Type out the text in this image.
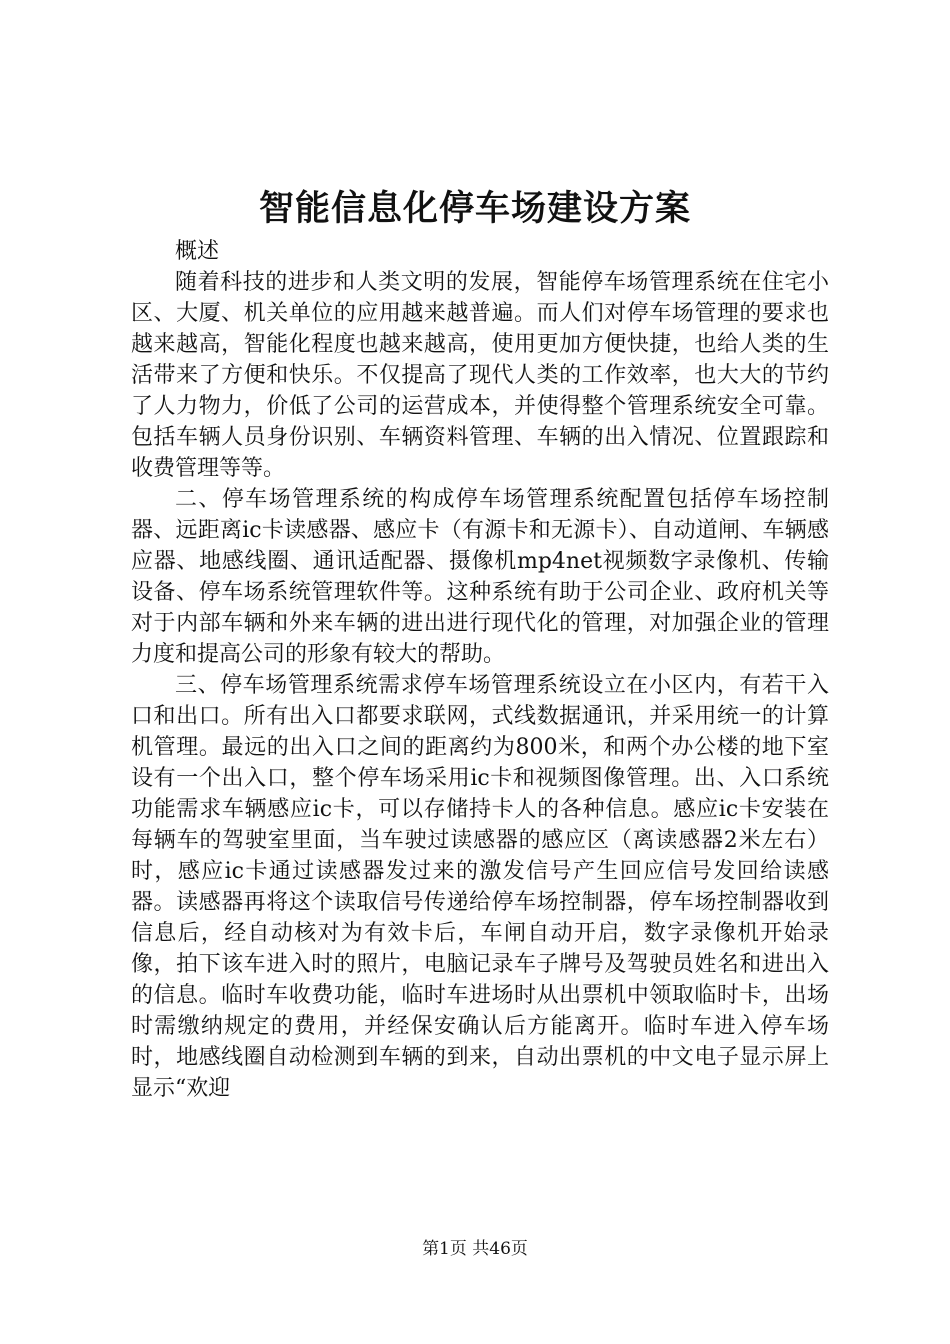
智能信息化停车场建设方案

概述

随着科技的进步和人类文明的发展，智能停车场管理系统在住宅小区、大厦、机关单位的应用越来越普遍。而人们对停车场管理的要求也越来越高，智能化程度也越来越高，使用更加方便快捷，也给人类的生活带来了方便和快乐。不仅提高了现代人类的工作效率，也大大的节约了人力物力，价低了公司的运营成本，并使得整个管理系统安全可靠。包括车辆人员身份识别、车辆资料管理、车辆的出入情况、位置跟踪和收费管理等等。

二、停车场管理系统的构成停车场管理系统配置包括停车场控制器、远距离ic卡读感器、感应卡（有源卡和无源卡）、自动道闸、车辆感应器、地感线圈、通讯适配器、摄像机mp4net视频数字录像机、传输设备、停车场系统管理软件等。这种系统有助于公司企业、政府机关等对于内部车辆和外来车辆的进出进行现代化的管理，对加强企业的管理力度和提高公司的形象有较大的帮助。

三、停车场管理系统需求停车场管理系统设立在小区内，有若干入口和出口。所有出入口都要求联网，式线数据通讯，并采用统一的计算机管理。最远的出入口之间的距离约为800米，和两个办公楼的地下室设有一个出入口，整个停车场采用ic卡和视频图像管理。出、入口系统功能需求车辆感应ic卡，可以存储持卡人的各种信息。感应ic卡安装在每辆车的驾驶室里面，当车驶过读感器的感应区（离读感器2米左右）时，感应ic卡通过读感器发过来的激发信号产生回应信号发回给读感器。读感器再将这个读取信号传递给停车场控制器，停车场控制器收到信息后，经自动核对为有效卡后，车闸自动开启，数字录像机开始录像，拍下该车进入时的照片，电脑记录车子牌号及驾驶员姓名和进出入的信息。临时车收费功能，临时车进场时从出票机中领取临时卡，出场时需缴纳规定的费用，并经保安确认后方能离开。临时车进入停车场时，地感线圈自动检测到车辆的到来，自动出票机的中文电子显示屏上显示“欢迎

第1页 共46页
